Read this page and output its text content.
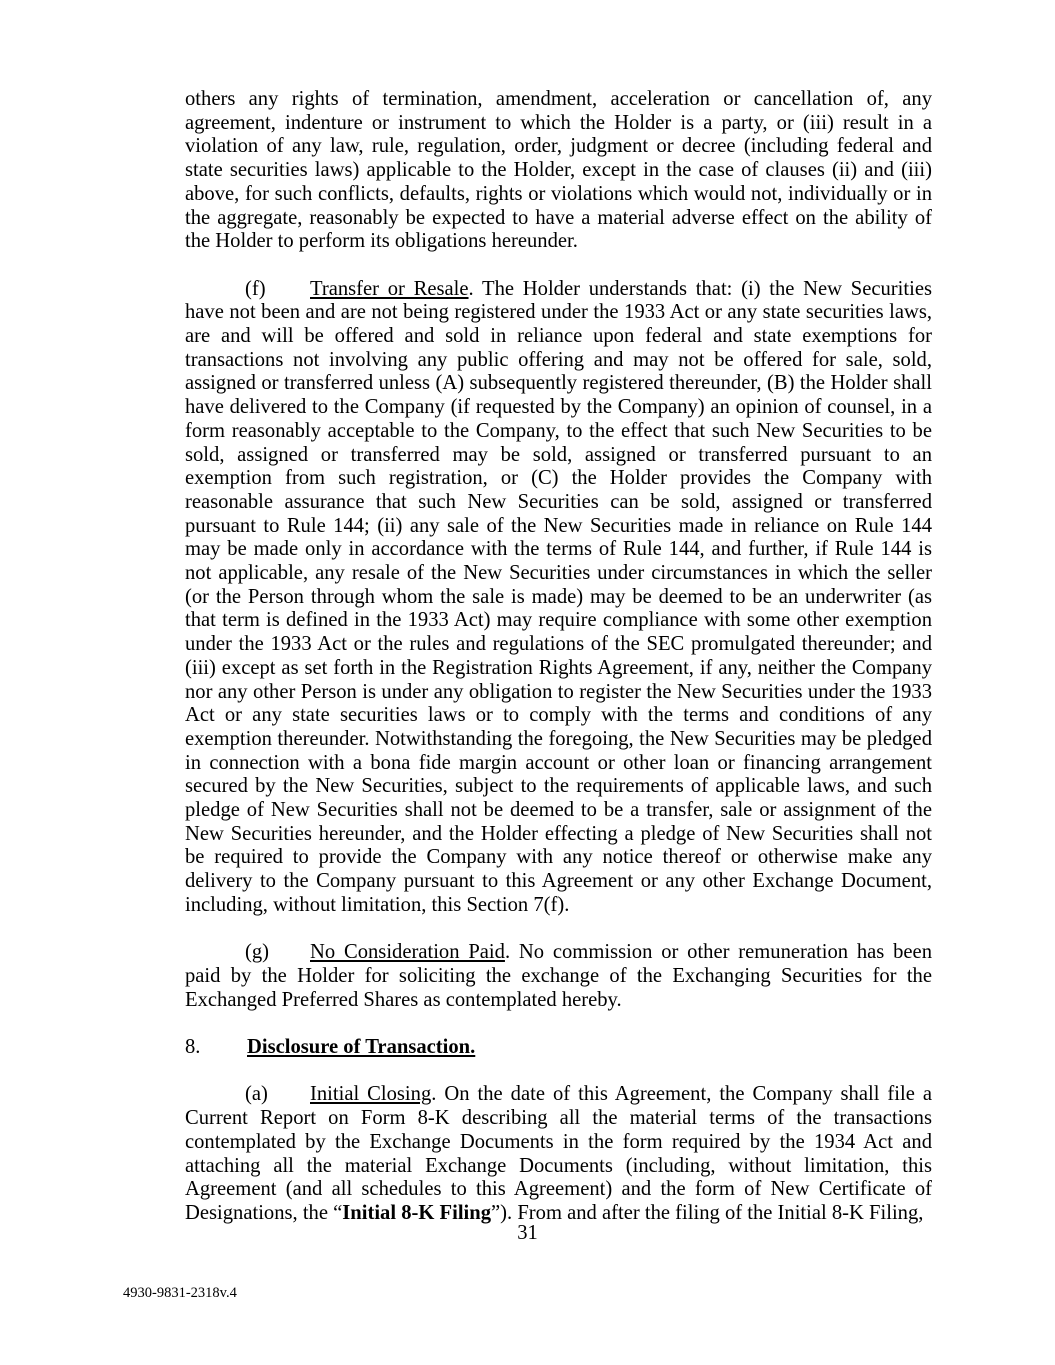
others any rights of termination, amendment, acceleration or cancellation of, any agreement, indenture or instrument to which the Holder is a party, or (iii) result in a violation of any law, rule, regulation, order, judgment or decree (including federal and state securities laws) applicable to the Holder, except in the case of clauses (ii) and (iii) above, for such conflicts, defaults, rights or violations which would not, individually or in the aggregate, reasonably be expected to have a material adverse effect on the ability of the Holder to perform its obligations hereunder.

(f) Transfer or Resale. The Holder understands that: (i) the New Securities have not been and are not being registered under the 1933 Act or any state securities laws, are and will be offered and sold in reliance upon federal and state exemptions for transactions not involving any public offering and may not be offered for sale, sold, assigned or transferred unless (A) subsequently registered thereunder, (B) the Holder shall have delivered to the Company (if requested by the Company) an opinion of counsel, in a form reasonably acceptable to the Company, to the effect that such New Securities to be sold, assigned or transferred may be sold, assigned or transferred pursuant to an exemption from such registration, or (C) the Holder provides the Company with reasonable assurance that such New Securities can be sold, assigned or transferred pursuant to Rule 144; (ii) any sale of the New Securities made in reliance on Rule 144 may be made only in accordance with the terms of Rule 144, and further, if Rule 144 is not applicable, any resale of the New Securities under circumstances in which the seller (or the Person through whom the sale is made) may be deemed to be an underwriter (as that term is defined in the 1933 Act) may require compliance with some other exemption under the 1933 Act or the rules and regulations of the SEC promulgated thereunder; and (iii) except as set forth in the Registration Rights Agreement, if any, neither the Company nor any other Person is under any obligation to register the New Securities under the 1933 Act or any state securities laws or to comply with the terms and conditions of any exemption thereunder. Notwithstanding the foregoing, the New Securities may be pledged in connection with a bona fide margin account or other loan or financing arrangement secured by the New Securities, subject to the requirements of applicable laws, and such pledge of New Securities shall not be deemed to be a transfer, sale or assignment of the New Securities hereunder, and the Holder effecting a pledge of New Securities shall not be required to provide the Company with any notice thereof or otherwise make any delivery to the Company pursuant to this Agreement or any other Exchange Document, including, without limitation, this Section 7(f).

(g) No Consideration Paid. No commission or other remuneration has been paid by the Holder for soliciting the exchange of the Exchanging Securities for the Exchanged Preferred Shares as contemplated hereby.

8. Disclosure of Transaction.

(a) Initial Closing. On the date of this Agreement, the Company shall file a Current Report on Form 8-K describing all the material terms of the transactions contemplated by the Exchange Documents in the form required by the 1934 Act and attaching all the material Exchange Documents (including, without limitation, this Agreement (and all schedules to this Agreement) and the form of New Certificate of Designations, the “Initial 8-K Filing”). From and after the filing of the Initial 8-K Filing,

31
4930-9831-2318v.4
